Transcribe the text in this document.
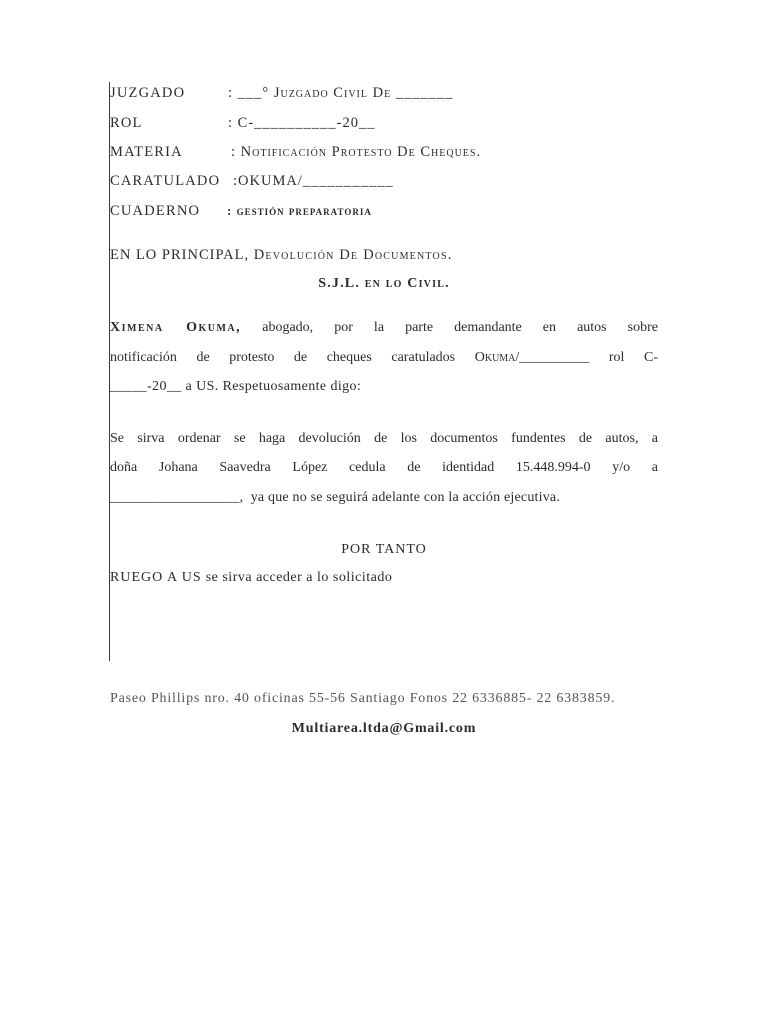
JUZGADO	: ___° Juzgado Civil De _______
ROL	: C-__________-20__
MATERIA	: Notificación Protesto De Cheques.
CARATULADO :OKUMA/___________
CUADERNO : gestión preparatoria
EN LO PRINCIPAL, Devolución De Documentos.
S.J.L. en lo Civil.
Ximena Okuma, abogado, por la parte demandante en autos sobre
notificación de protesto de cheques caratulados Okuma/__________ rol C-
_____-20__ a US. Respetuosamente digo:
Se sirva ordenar se haga devolución de los documentos fundentes de autos, a
doña Johana Saavedra López cedula de identidad 15.448.994-0 y/o a
__________________,  ya que no se seguirá adelante con la acción ejecutiva.
POR TANTO
RUEGO A US se sirva acceder a lo solicitado
Paseo Phillips nro. 40 oficinas 55-56 Santiago Fonos 22 6336885- 22 6383859.
Multiarea.ltda@Gmail.com
